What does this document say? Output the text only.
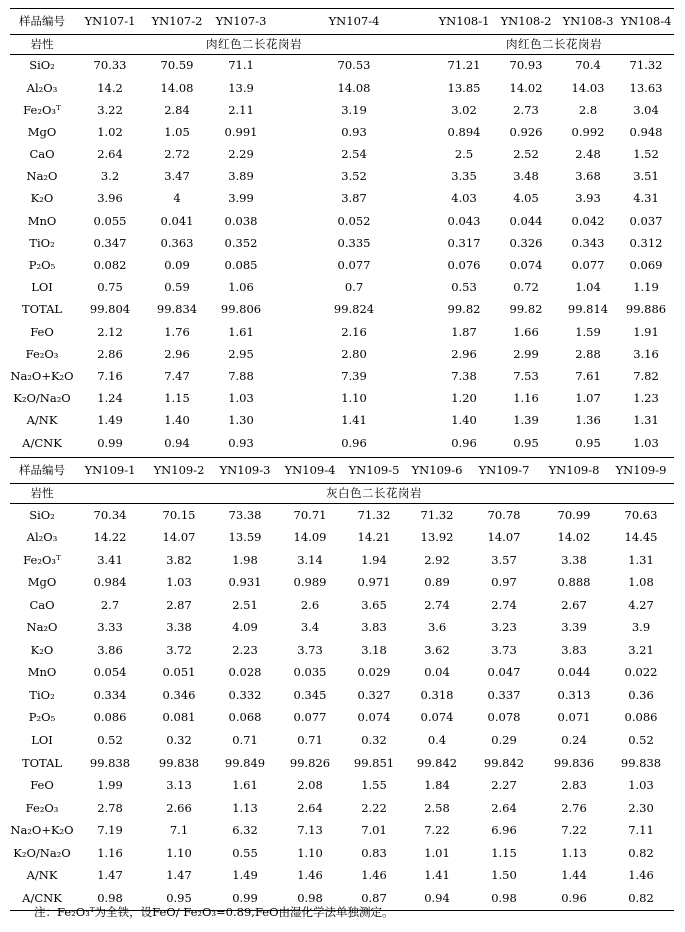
样品编号	YN107-1	YN107-2	YN107-3	YN107-4	YN108-1	YN108-2	YN108-3	YN108-4
岩性	肉红色二长花岗岩				肉红色二长花岗岩			
SiO₂	70.33	70.59	71.1	70.53	71.21	70.93	70.4	71.32
Al₂O₃	14.2	14.08	13.9	14.08	13.85	14.02	14.03	13.63
Fe₂O₃ᵀ	3.22	2.84	2.11	3.19	3.02	2.73	2.8	3.04
MgO	1.02	1.05	0.991	0.93	0.894	0.926	0.992	0.948
CaO	2.64	2.72	2.29	2.54	2.5	2.52	2.48	1.52
Na₂O	3.2	3.47	3.89	3.52	3.35	3.48	3.68	3.51
K₂O	3.96	4	3.99	3.87	4.03	4.05	3.93	4.31
MnO	0.055	0.041	0.038	0.052	0.043	0.044	0.042	0.037
TiO₂	0.347	0.363	0.352	0.335	0.317	0.326	0.343	0.312
P₂O₅	0.082	0.09	0.085	0.077	0.076	0.074	0.077	0.069
LOI	0.75	0.59	1.06	0.7	0.53	0.72	1.04	1.19
TOTAL	99.804	99.834	99.806	99.824	99.82	99.82	99.814	99.886
FeO	2.12	1.76	1.61	2.16	1.87	1.66	1.59	1.91
Fe₂O₃	2.86	2.96	2.95	2.80	2.96	2.99	2.88	3.16
Na₂O+K₂O	7.16	7.47	7.88	7.39	7.38	7.53	7.61	7.82
K₂O/Na₂O	1.24	1.15	1.03	1.10	1.20	1.16	1.07	1.23
A/NK	1.49	1.40	1.30	1.41	1.40	1.39	1.36	1.31
A/CNK	0.99	0.94	0.93	0.96	0.96	0.95	0.95	1.03
样品编号	YN109-1	YN109-2	YN109-3	YN109-4	YN109-5	YN109-6	YN109-7	YN109-8	YN109-9
岩性	灰白色二长花岗岩								
SiO₂	70.34	70.15	73.38	70.71	71.32	71.32	70.78	70.99	70.63
Al₂O₃	14.22	14.07	13.59	14.09	14.21	13.92	14.07	14.02	14.45
Fe₂O₃ᵀ	3.41	3.82	1.98	3.14	1.94	2.92	3.57	3.38	1.31
MgO	0.984	1.03	0.931	0.989	0.971	0.89	0.97	0.888	1.08
CaO	2.7	2.87	2.51	2.6	3.65	2.74	2.74	2.67	4.27
Na₂O	3.33	3.38	4.09	3.4	3.83	3.6	3.23	3.39	3.9
K₂O	3.86	3.72	2.23	3.73	3.18	3.62	3.73	3.83	3.21
MnO	0.054	0.051	0.028	0.035	0.029	0.04	0.047	0.044	0.022
TiO₂	0.334	0.346	0.332	0.345	0.327	0.318	0.337	0.313	0.36
P₂O₅	0.086	0.081	0.068	0.077	0.074	0.074	0.078	0.071	0.086
LOI	0.52	0.32	0.71	0.71	0.32	0.4	0.29	0.24	0.52
TOTAL	99.838	99.838	99.849	99.826	99.851	99.842	99.842	99.836	99.838
FeO	1.99	3.13	1.61	2.08	1.55	1.84	2.27	2.83	1.03
Fe₂O₃	2.78	2.66	1.13	2.64	2.22	2.58	2.64	2.76	2.30
Na₂O+K₂O	7.19	7.1	6.32	7.13	7.01	7.22	6.96	7.22	7.11
K₂O/Na₂O	1.16	1.10	0.55	1.10	0.83	1.01	1.15	1.13	0.82
A/NK	1.47	1.47	1.49	1.46	1.46	1.41	1.50	1.44	1.46
A/CNK	0.98	0.95	0.99	0.98	0.87	0.94	0.98	0.96	0.82
注：Fe₂O₃ᵀ为全铁，设FeO/ Fe₂O₃=0.89,FeO由湿化学法单独测定。
